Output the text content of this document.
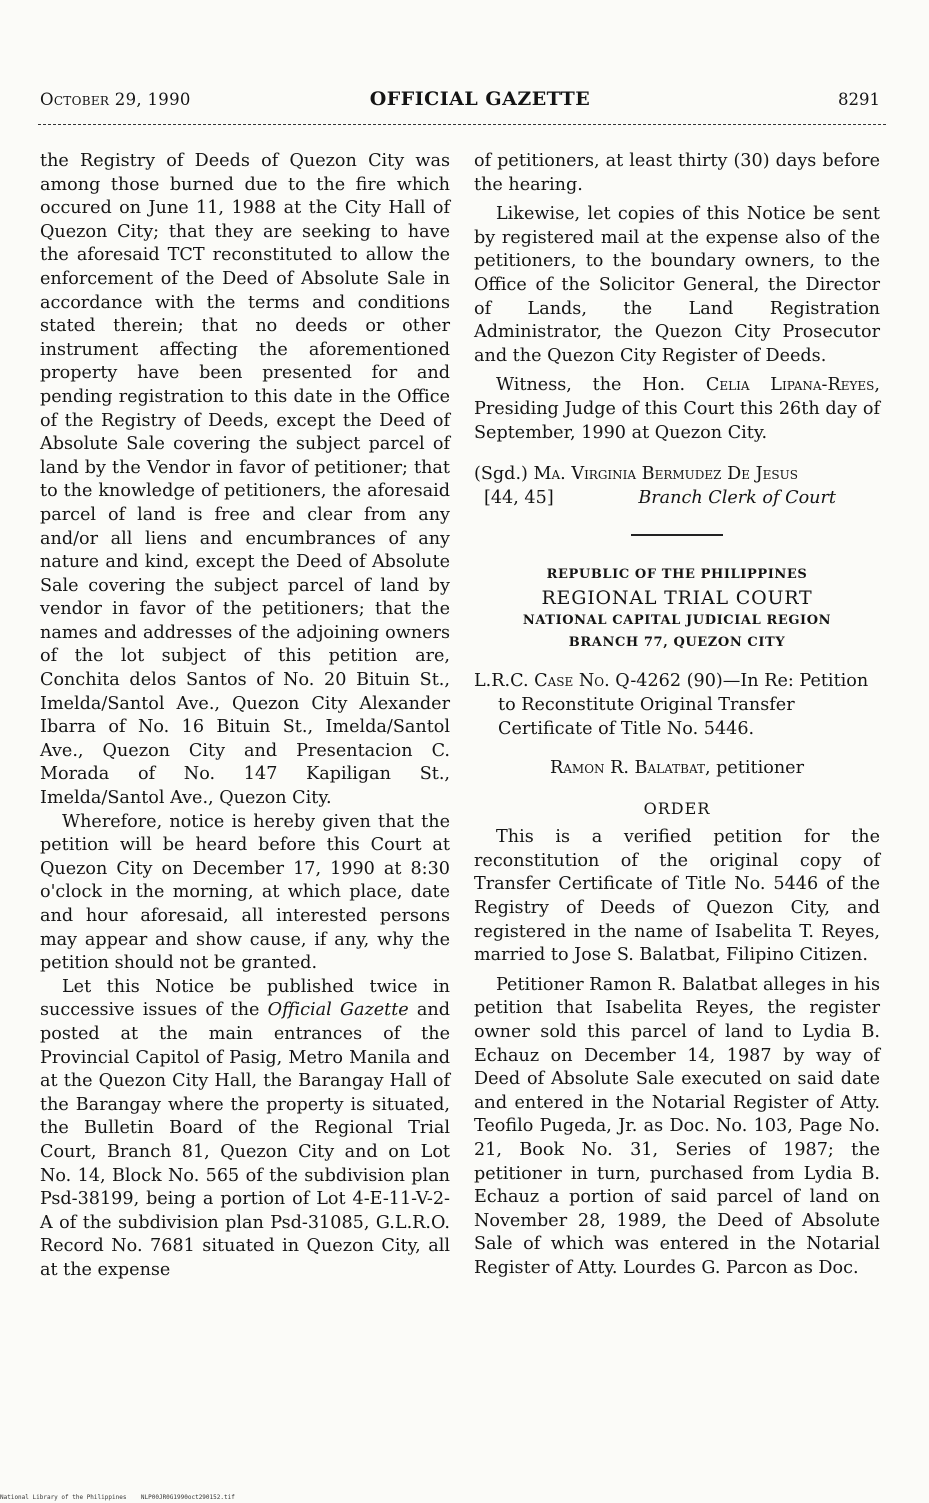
October 29, 1990	OFFICIAL GAZETTE	8291

the Registry of Deeds of Quezon City was among those burned due to the fire which occured on June 11, 1988 at the City Hall of Quezon City; that they are seeking to have the aforesaid TCT reconstituted to allow the enforcement of the Deed of Absolute Sale in accordance with the terms and conditions stated therein; that no deeds or other instrument affecting the aforementioned property have been presented for and pending registration to this date in the Office of the Registry of Deeds, except the Deed of Absolute Sale covering the subject parcel of land by the Vendor in favor of petitioner; that to the knowledge of petitioners, the aforesaid parcel of land is free and clear from any and/or all liens and encumbrances of any nature and kind, except the Deed of Absolute Sale covering the subject parcel of land by vendor in favor of the petitioners; that the names and addresses of the adjoining owners of the lot subject of this petition are, Conchita delos Santos of No. 20 Bituin St., Imelda/Santol Ave., Quezon City Alexander Ibarra of No. 16 Bituin St., Imelda/Santol Ave., Quezon City and Presentacion C. Morada of No. 147 Kapiligan St., Imelda/Santol Ave., Quezon City.

Wherefore, notice is hereby given that the petition will be heard before this Court at Quezon City on December 17, 1990 at 8:30 o'clock in the morning, at which place, date and hour aforesaid, all interested persons may appear and show cause, if any, why the petition should not be granted.

Let this Notice be published twice in successive issues of the Official Gazette and posted at the main entrances of the Provincial Capitol of Pasig, Metro Manila and at the Quezon City Hall, the Barangay Hall of the Barangay where the property is situated, the Bulletin Board of the Regional Trial Court, Branch 81, Quezon City and on Lot No. 14, Block No. 565 of the subdivision plan Psd-38199, being a portion of Lot 4-E-11-V-2-A of the subdivision plan Psd-31085, G.L.R.O. Record No. 7681 situated in Quezon City, all at the expense

of petitioners, at least thirty (30) days before the hearing.

Likewise, let copies of this Notice be sent by registered mail at the expense also of the petitioners, to the boundary owners, to the Office of the Solicitor General, the Director of Lands, the Land Registration Administrator, the Quezon City Prosecutor and the Quezon City Register of Deeds.

Witness, the Hon. Celia Lipana-Reyes, Presiding Judge of this Court this 26th day of September, 1990 at Quezon City.

(Sgd.) Ma. Virginia Bermudez De Jesus

[44, 45]	Branch Clerk of Court

REPUBLIC OF THE PHILIPPINES

REGIONAL TRIAL COURT

NATIONAL CAPITAL JUDICIAL REGION

BRANCH 77, QUEZON CITY

L.R.C. Case No. Q-4262 (90)—In Re: Petition to Reconstitute Original Transfer Certificate of Title No. 5446.

Ramon R. Balatbat, petitioner

ORDER

This is a verified petition for the reconstitution of the original copy of Transfer Certificate of Title No. 5446 of the Registry of Deeds of Quezon City, and registered in the name of Isabelita T. Reyes, married to Jose S. Balatbat, Filipino Citizen.

Petitioner Ramon R. Balatbat alleges in his petition that Isabelita Reyes, the register owner sold this parcel of land to Lydia B. Echauz on December 14, 1987 by way of Deed of Absolute Sale executed on said date and entered in the Notarial Register of Atty. Teofilo Pugeda, Jr. as Doc. No. 103, Page No. 21, Book No. 31, Series of 1987; the petitioner in turn, purchased from Lydia B. Echauz a portion of said parcel of land on November 28, 1989, the Deed of Absolute Sale of which was entered in the Notarial Register of Atty. Lourdes G. Parcon as Doc.

National Library of the Philippines NLP00JR0G1990oct290152.tif
